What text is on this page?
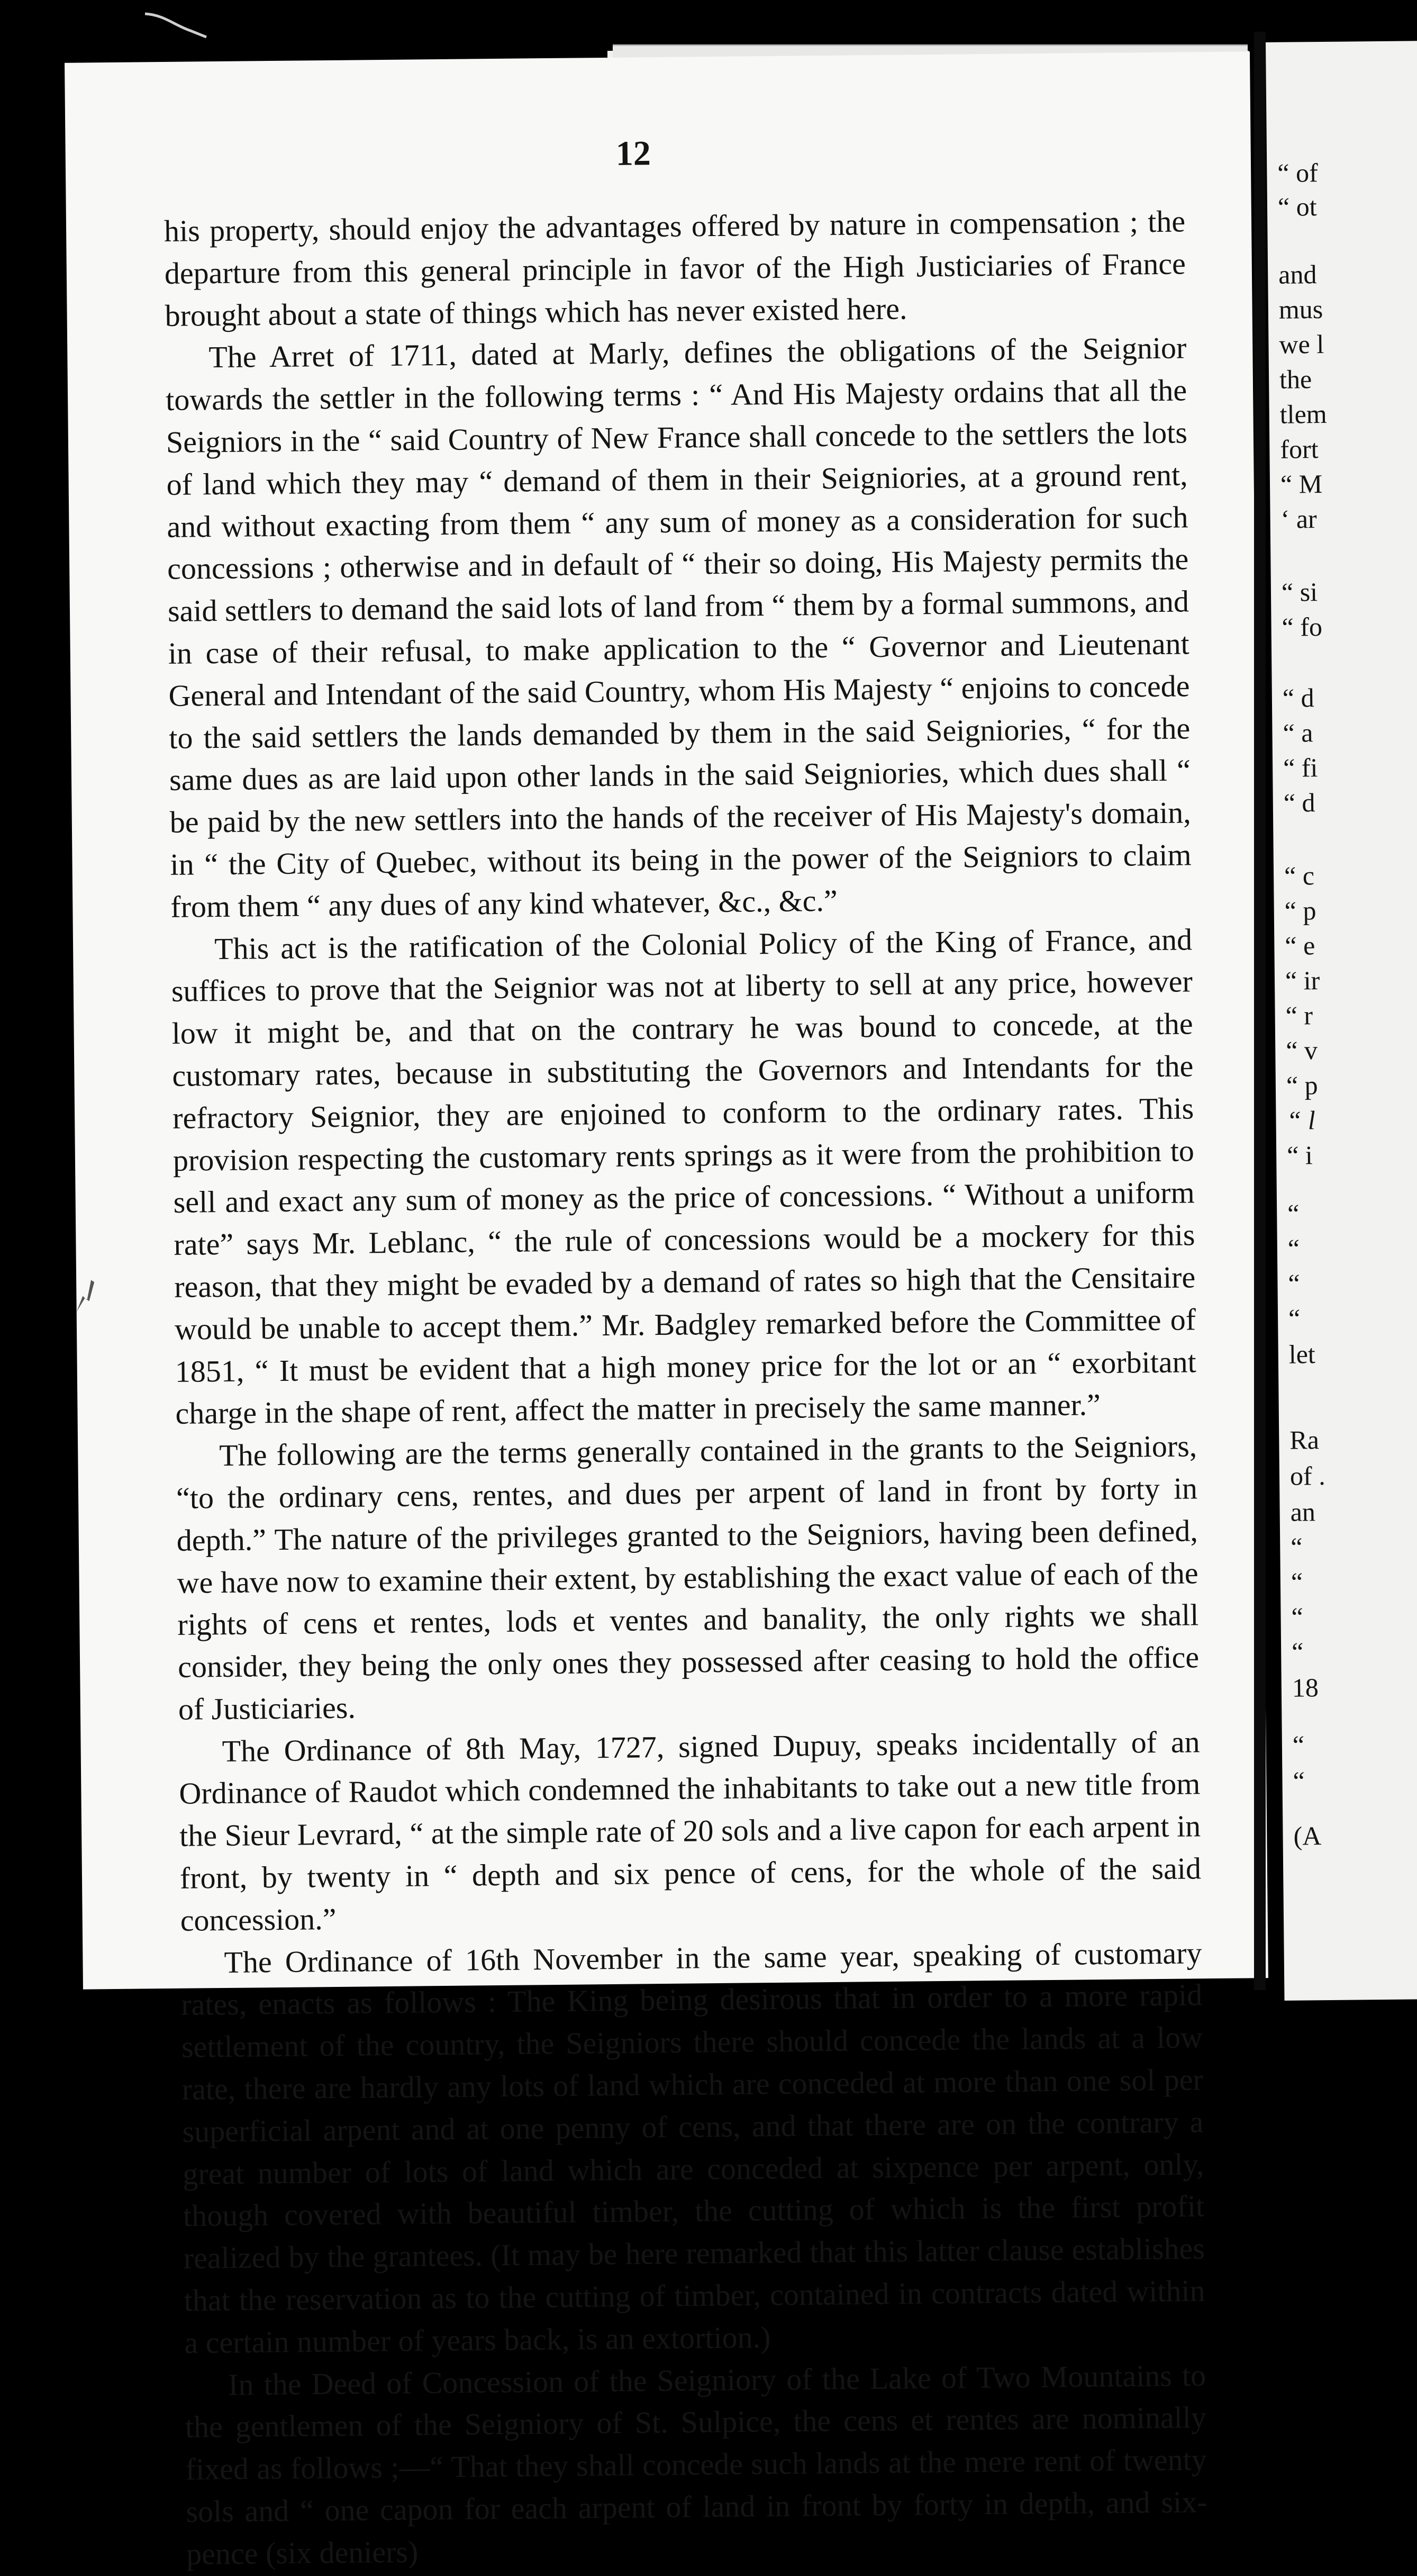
12

his property, should enjoy the advantages offered by nature in compensation ; the departure from this general principle in favor of the High Justiciaries of France brought about a state of things which has never existed here.

The Arret of 1711, dated at Marly, defines the obligations of the Seignior towards the settler in the following terms : “ And His Majesty ordains that all the Seigniors in the “ said Country of New France shall concede to the settlers the lots of land which they may “ demand of them in their Seigniories, at a ground rent, and without exacting from them “ any sum of money as a consideration for such concessions ; otherwise and in default of “ their so doing, His Majesty permits the said settlers to demand the said lots of land from “ them by a formal summons, and in case of their refusal, to make application to the “ Governor and Lieutenant General and Intendant of the said Country, whom His Majesty “ enjoins to concede to the said settlers the lands demanded by them in the said Seigniories, “ for the same dues as are laid upon other lands in the said Seigniories, which dues shall “ be paid by the new settlers into the hands of the receiver of His Majesty's domain, in “ the City of Quebec, without its being in the power of the Seigniors to claim from them “ any dues of any kind whatever, &c., &c.”

This act is the ratification of the Colonial Policy of the King of France, and suffices to prove that the Seignior was not at liberty to sell at any price, however low it might be, and that on the contrary he was bound to concede, at the customary rates, because in substituting the Governors and Intendants for the refractory Seignior, they are enjoined to conform to the ordinary rates. This provision respecting the customary rents springs as it were from the prohibition to sell and exact any sum of money as the price of concessions. “ Without a uniform rate” says Mr. Leblanc, “ the rule of concessions would be a mockery for this reason, that they might be evaded by a demand of rates so high that the Censitaire would be unable to accept them.” Mr. Badgley remarked before the Committee of 1851, “ It must be evident that a high money price for the lot or an “ exorbitant charge in the shape of rent, affect the matter in precisely the same manner.”

The following are the terms generally contained in the grants to the Seigniors, “to the ordinary cens, rentes, and dues per arpent of land in front by forty in depth.” The nature of the privileges granted to the Seigniors, having been defined, we have now to examine their extent, by establishing the exact value of each of the rights of cens et rentes, lods et ventes and banality, the only rights we shall consider, they being the only ones they possessed after ceasing to hold the office of Justiciaries.

The Ordinance of 8th May, 1727, signed Dupuy, speaks incidentally of an Ordinance of Raudot which condemned the inhabitants to take out a new title from the Sieur Levrard, “ at the simple rate of 20 sols and a live capon for each arpent in front, by twenty in “ depth and six pence of cens, for the whole of the said concession.”

The Ordinance of 16th November in the same year, speaking of customary rates, enacts as follows : The King being desirous that in order to a more rapid settlement of the country, the Seigniors there should concede the lands at a low rate, there are hardly any lots of land which are conceded at more than one sol per superficial arpent and at one penny of cens, and that there are on the contrary a great number of lots of land which are conceded at sixpence per arpent, only, though covered with beautiful timber, the cutting of which is the first profit realized by the grantees. (It may be here remarked that this latter clause establishes that the reservation as to the cutting of timber, contained in contracts dated within a certain number of years back, is an extortion.)

In the Deed of Concession of the Seigniory of the Lake of Two Mountains to the gentlemen of the Seigniory of St. Sulpice, the cens et rentes are nominally fixed as follows ;—“ That they shall concede such lands at the mere rent of twenty sols and “ one capon for each arpent of land in front by forty in depth, and six-pence (six deniers)

“ of
“ ot
and
mus
we l
the
tlem
fort
“ M
‘ ar
“ si
“ fo
“ d
“ a
“ fi
“ d
“ c
“ p
“ e
“ ir
“ r
“ v
“ p
“ l
“ i
“
“
“
“
let
Ra
of .
an
“
“
“
“
18
“
“
(A
